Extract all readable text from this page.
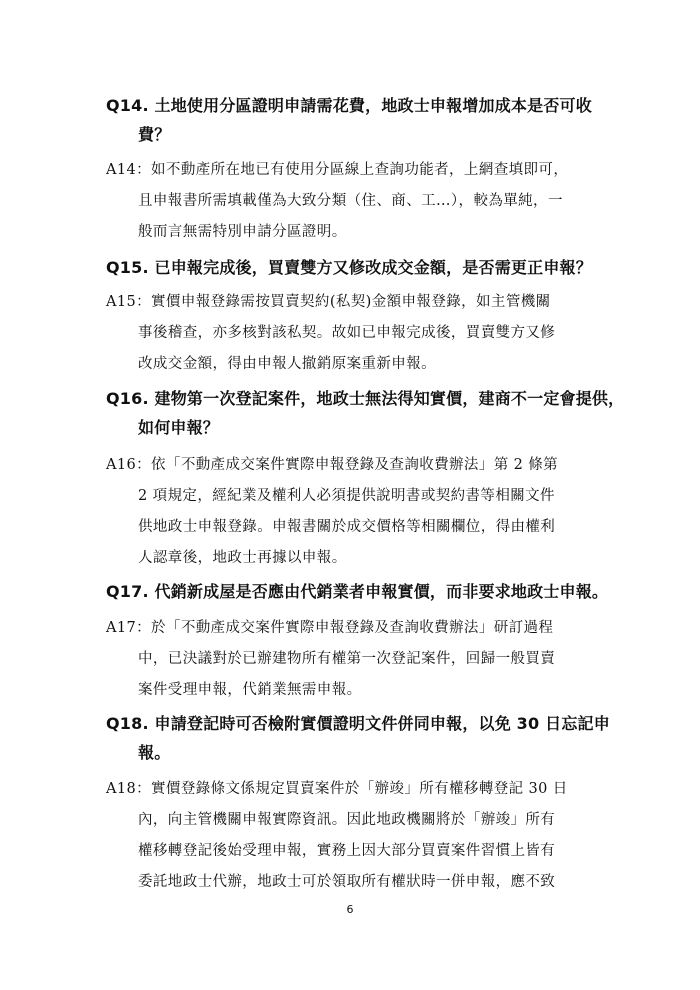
Q14. 土地使用分區證明申請需花費，地政士申報增加成本是否可收
費？
A14：如不動產所在地已有使用分區線上查詢功能者，上網查填即可，
且申報書所需填載僅為大致分類（住、商、工…），較為單純，一
般而言無需特別申請分區證明。
Q15. 已申報完成後，買賣雙方又修改成交金額，是否需更正申報？
A15：實價申報登錄需按買賣契約(私契)金額申報登錄，如主管機關
事後稽查，亦多核對該私契。故如已申報完成後，買賣雙方又修
改成交金額，得由申報人撤銷原案重新申報。
Q16. 建物第一次登記案件，地政士無法得知實價，建商不一定會提供，
如何申報？
A16：依「不動產成交案件實際申報登錄及查詢收費辦法」第 2 條第
2 項規定，經紀業及權利人必須提供說明書或契約書等相關文件
供地政士申報登錄。申報書關於成交價格等相關欄位，得由權利
人認章後，地政士再據以申報。
Q17. 代銷新成屋是否應由代銷業者申報實價，而非要求地政士申報。
A17：於「不動產成交案件實際申報登錄及查詢收費辦法」研訂過程
中，已決議對於已辦建物所有權第一次登記案件，回歸一般買賣
案件受理申報，代銷業無需申報。
Q18. 申請登記時可否檢附實價證明文件併同申報，以免 30 日忘記申
報。
A18：實價登錄條文係規定買賣案件於「辦竣」所有權移轉登記 30 日
內，向主管機關申報實際資訊。因此地政機關將於「辦竣」所有
權移轉登記後始受理申報，實務上因大部分買賣案件習慣上皆有
委託地政士代辦，地政士可於領取所有權狀時一併申報，應不致
6
